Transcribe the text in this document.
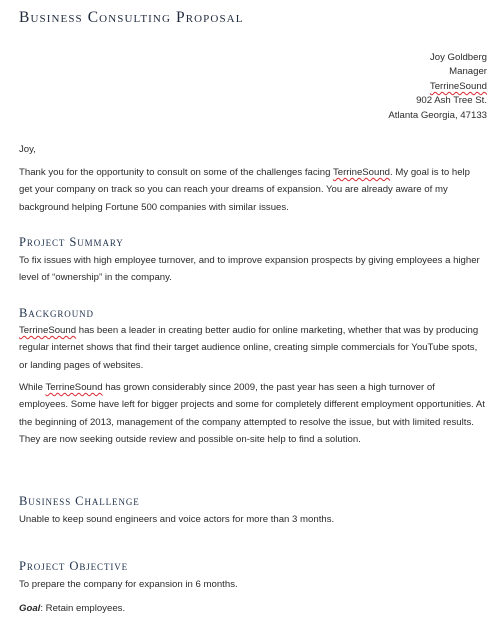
Business Consulting Proposal
Joy Goldberg
Manager
TerrineSound
902 Ash Tree St.
Atlanta Georgia, 47133
Joy,
Thank you for the opportunity to consult on some of the challenges facing TerrineSound. My goal is to help get your company on track so you can reach your dreams of expansion. You are already aware of my background helping Fortune 500 companies with similar issues.
Project Summary
To fix issues with high employee turnover, and to improve expansion prospects by giving employees a higher level of “ownership” in the company.
Background
TerrineSound has been a leader in creating better audio for online marketing, whether that was by producing regular internet shows that find their target audience online, creating simple commercials for YouTube spots, or landing pages of websites.
While TerrineSound has grown considerably since 2009, the past year has seen a high turnover of employees. Some have left for bigger projects and some for completely different employment opportunities. At the beginning of 2013, management of the company attempted to resolve the issue, but with limited results. They are now seeking outside review and possible on-site help to find a solution.
Business Challenge
Unable to keep sound engineers and voice actors for more than 3 months.
Project Objective
To prepare the company for expansion in 6 months.
Goal: Retain employees.
